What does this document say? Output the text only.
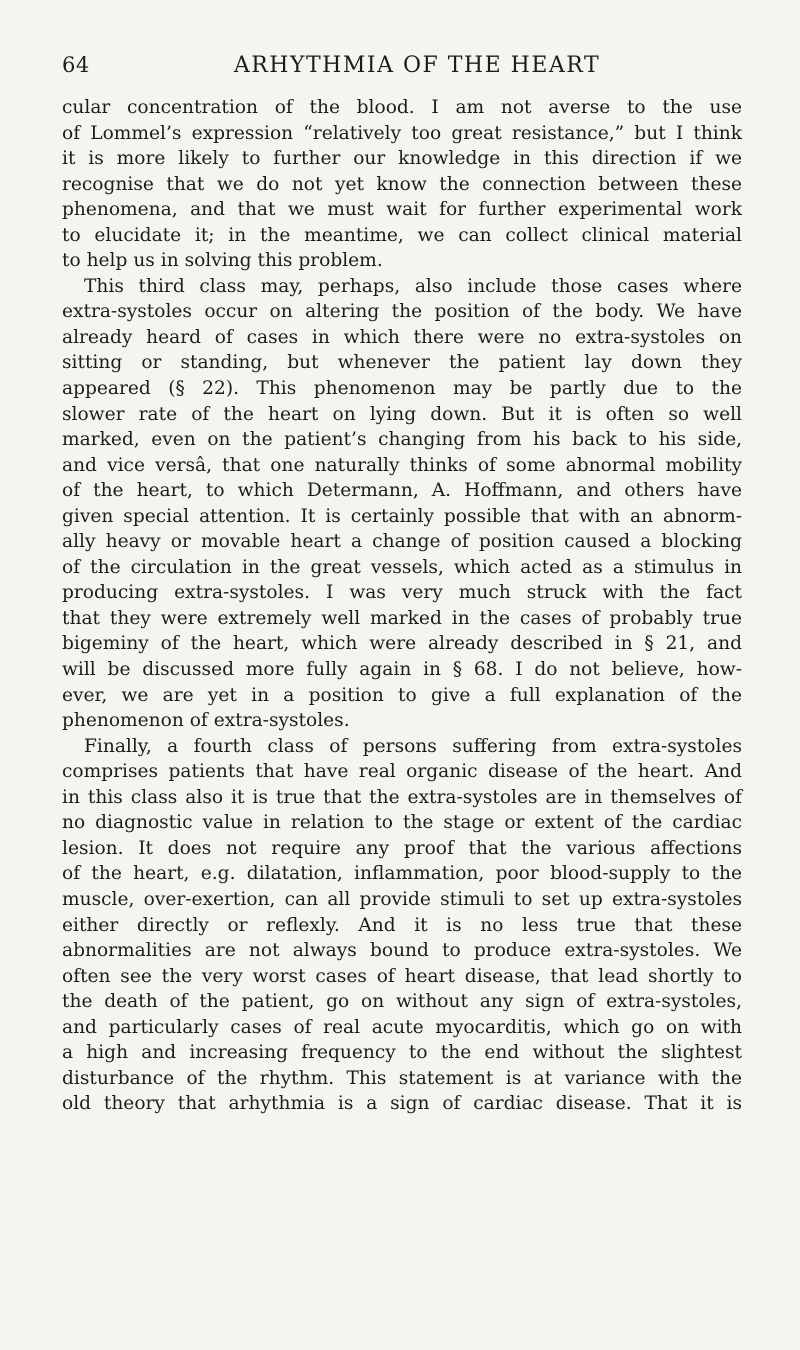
64	ARHYTHMIA OF THE HEART
cular concentration of the blood. I am not averse to the use
of Lommel’s expression “relatively too great resistance,” but I think
it is more likely to further our knowledge in this direction if we
recognise that we do not yet know the connection between these
phenomena, and that we must wait for further experimental work
to elucidate it; in the meantime, we can collect clinical material
to help us in solving this problem.
This third class may, perhaps, also include those cases where
extra-systoles occur on altering the position of the body. We have
already heard of cases in which there were no extra-systoles on
sitting or standing, but whenever the patient lay down they
appeared (§ 22). This phenomenon may be partly due to the
slower rate of the heart on lying down. But it is often so well
marked, even on the patient’s changing from his back to his side,
and vice versâ, that one naturally thinks of some abnormal mobility
of the heart, to which Determann, A. Hoffmann, and others have
given special attention. It is certainly possible that with an abnorm-
ally heavy or movable heart a change of position caused a blocking
of the circulation in the great vessels, which acted as a stimulus in
producing extra-systoles. I was very much struck with the fact
that they were extremely well marked in the cases of probably true
bigeminy of the heart, which were already described in § 21, and
will be discussed more fully again in § 68. I do not believe, how-
ever, we are yet in a position to give a full explanation of the
phenomenon of extra-systoles.
Finally, a fourth class of persons suffering from extra-systoles
comprises patients that have real organic disease of the heart. And
in this class also it is true that the extra-systoles are in themselves of
no diagnostic value in relation to the stage or extent of the cardiac
lesion. It does not require any proof that the various affections
of the heart, e.g. dilatation, inflammation, poor blood-supply to the
muscle, over-exertion, can all provide stimuli to set up extra-systoles
either directly or reflexly. And it is no less true that these
abnormalities are not always bound to produce extra-systoles. We
often see the very worst cases of heart disease, that lead shortly to
the death of the patient, go on without any sign of extra-systoles,
and particularly cases of real acute myocarditis, which go on with
a high and increasing frequency to the end without the slightest
disturbance of the rhythm. This statement is at variance with the
old theory that arhythmia is a sign of cardiac disease. That it is
